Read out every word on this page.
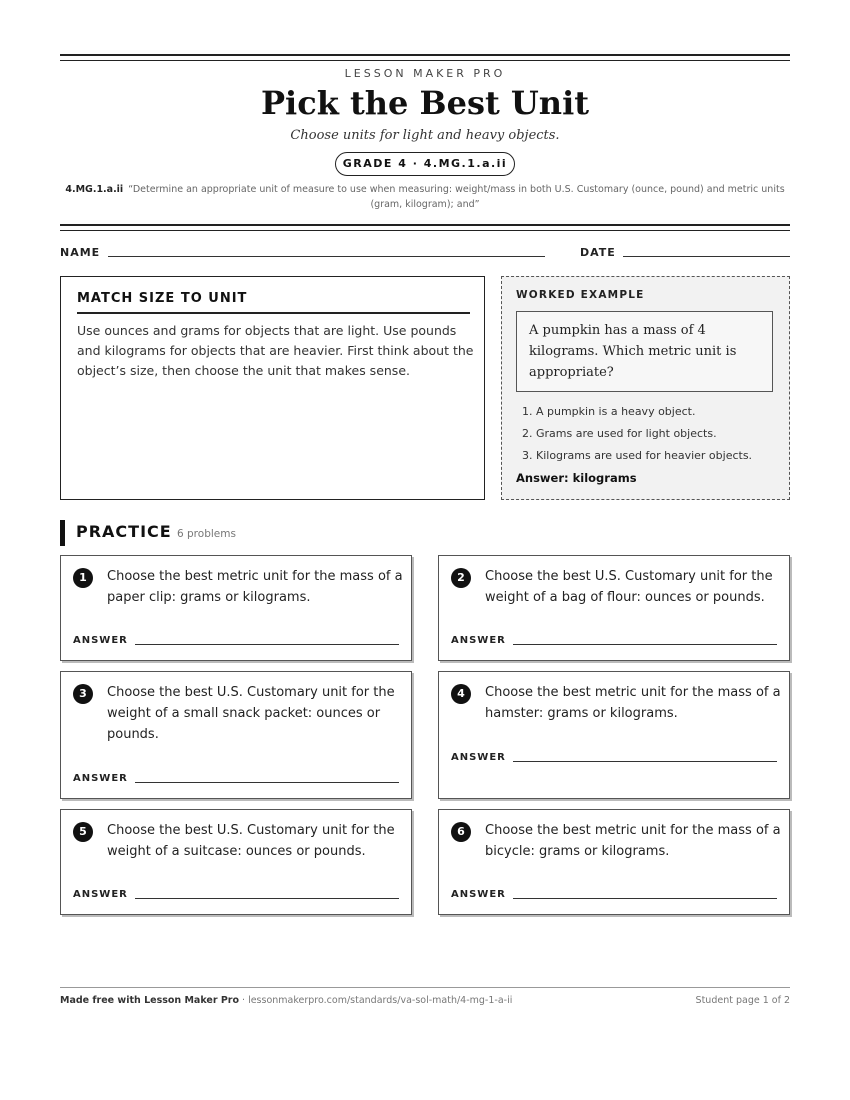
LESSON MAKER PRO
Pick the Best Unit
Choose units for light and heavy objects.
GRADE 4 · 4.MG.1.a.ii
4.MG.1.a.ii “Determine an appropriate unit of measure to use when measuring: weight/mass in both U.S. Customary (ounce, pound) and metric units (gram, kilogram); and”
NAME	DATE
MATCH SIZE TO UNIT
Use ounces and grams for objects that are light. Use pounds and kilograms for objects that are heavier. First think about the object’s size, then choose the unit that makes sense.
WORKED EXAMPLE
A pumpkin has a mass of 4 kilograms. Which metric unit is appropriate?
1. A pumpkin is a heavy object.
2. Grams are used for light objects.
3. Kilograms are used for heavier objects.
Answer: kilograms
PRACTICE 6 problems
1	Choose the best metric unit for the mass of a paper clip: grams or kilograms.
ANSWER
2	Choose the best U.S. Customary unit for the weight of a bag of flour: ounces or pounds.
ANSWER
3	Choose the best U.S. Customary unit for the weight of a small snack packet: ounces or pounds.
ANSWER
4	Choose the best metric unit for the mass of a hamster: grams or kilograms.
ANSWER
5	Choose the best U.S. Customary unit for the weight of a suitcase: ounces or pounds.
ANSWER
6	Choose the best metric unit for the mass of a bicycle: grams or kilograms.
ANSWER
Made free with Lesson Maker Pro · lessonmakerpro.com/standards/va-sol-math/4-mg-1-a-ii	Student page 1 of 2
